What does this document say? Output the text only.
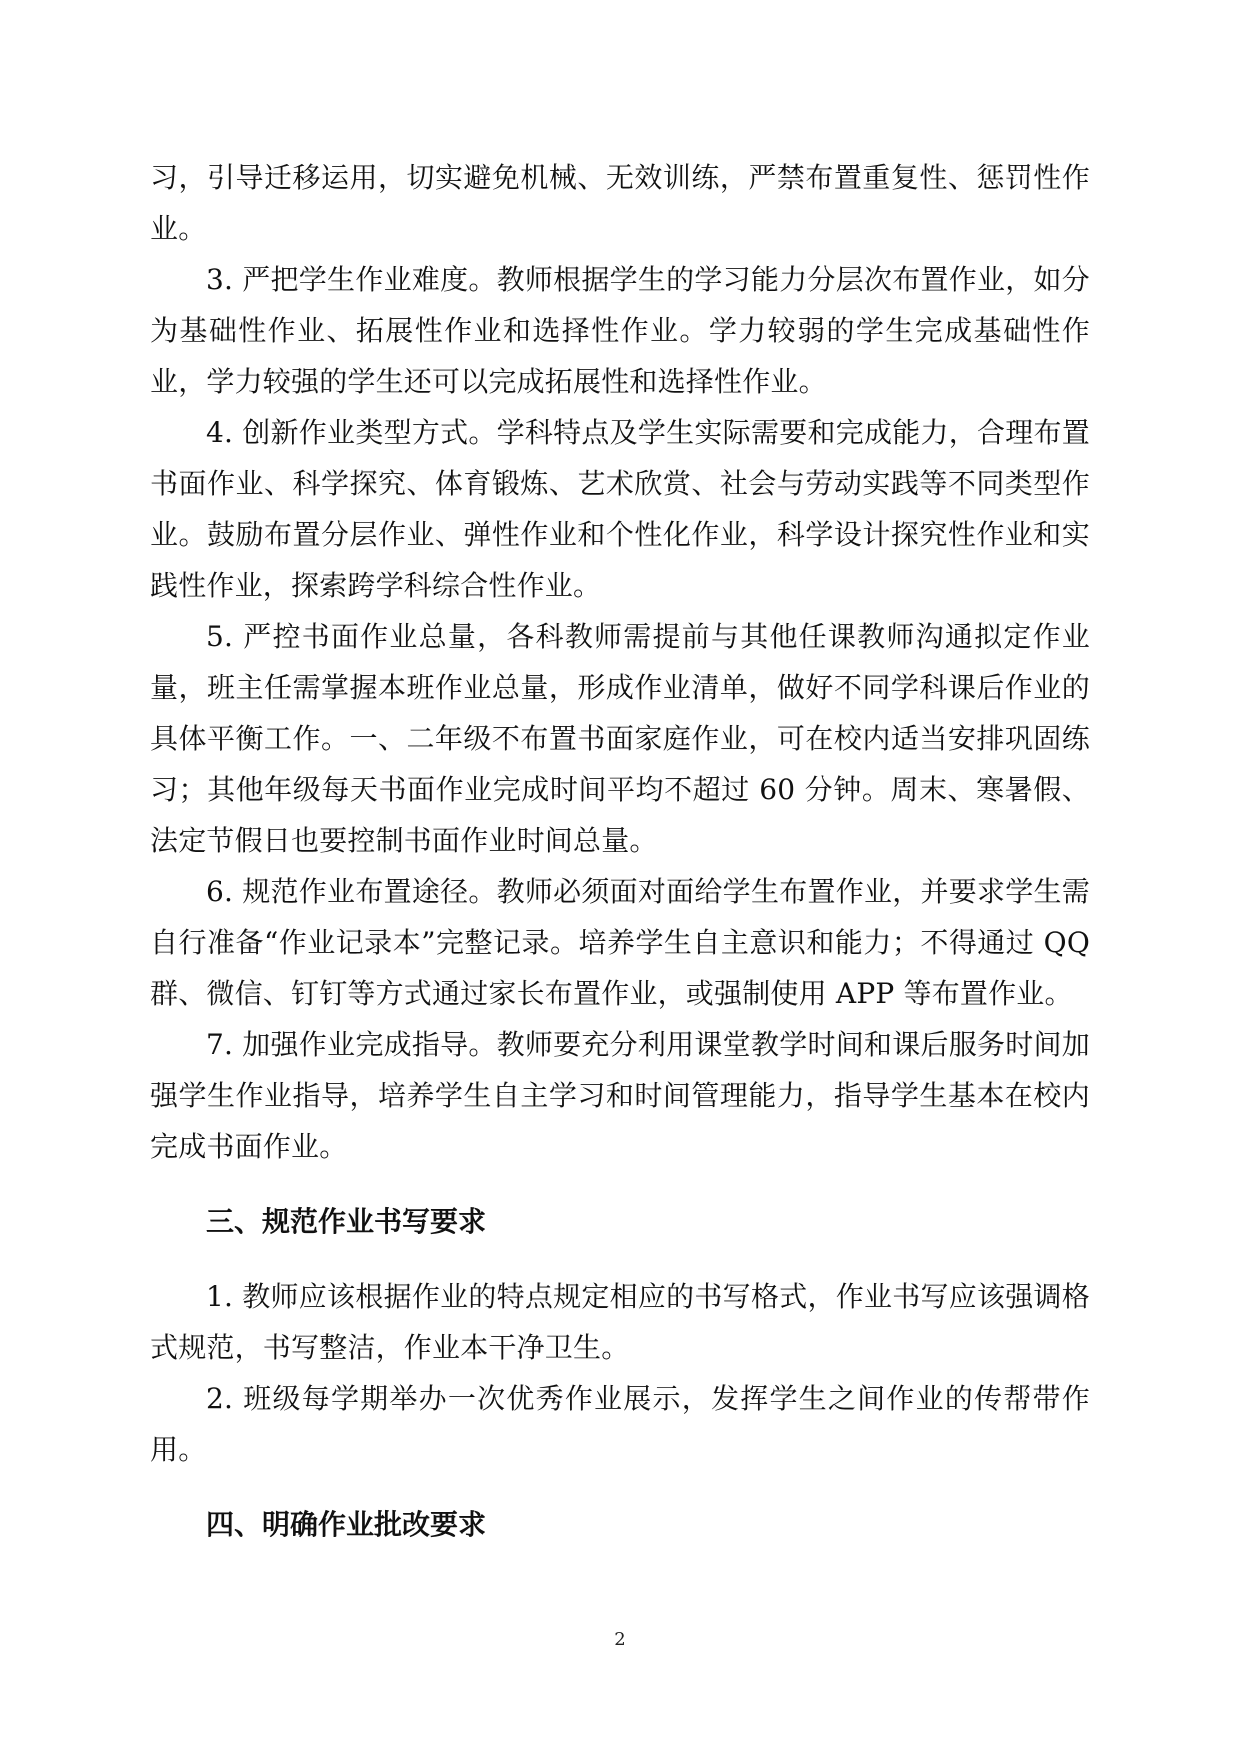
习，引导迁移运用，切实避免机械、无效训练，严禁布置重复性、惩罚性作业。

3. 严把学生作业难度。教师根据学生的学习能力分层次布置作业，如分为基础性作业、拓展性作业和选择性作业。学力较弱的学生完成基础性作业，学力较强的学生还可以完成拓展性和选择性作业。

4. 创新作业类型方式。学科特点及学生实际需要和完成能力，合理布置书面作业、科学探究、体育锻炼、艺术欣赏、社会与劳动实践等不同类型作业。鼓励布置分层作业、弹性作业和个性化作业，科学设计探究性作业和实践性作业，探索跨学科综合性作业。

5. 严控书面作业总量，各科教师需提前与其他任课教师沟通拟定作业量，班主任需掌握本班作业总量，形成作业清单，做好不同学科课后作业的具体平衡工作。一、二年级不布置书面家庭作业，可在校内适当安排巩固练习；其他年级每天书面作业完成时间平均不超过 60 分钟。周末、寒暑假、法定节假日也要控制书面作业时间总量。

6. 规范作业布置途径。教师必须面对面给学生布置作业，并要求学生需自行准备“作业记录本”完整记录。培养学生自主意识和能力；不得通过 QQ 群、微信、钉钉等方式通过家长布置作业，或强制使用 APP 等布置作业。

7. 加强作业完成指导。教师要充分利用课堂教学时间和课后服务时间加强学生作业指导，培养学生自主学习和时间管理能力，指导学生基本在校内完成书面作业。

三、规范作业书写要求

1. 教师应该根据作业的特点规定相应的书写格式，作业书写应该强调格式规范，书写整洁，作业本干净卫生。

2. 班级每学期举办一次优秀作业展示，发挥学生之间作业的传帮带作用。

四、明确作业批改要求
2
